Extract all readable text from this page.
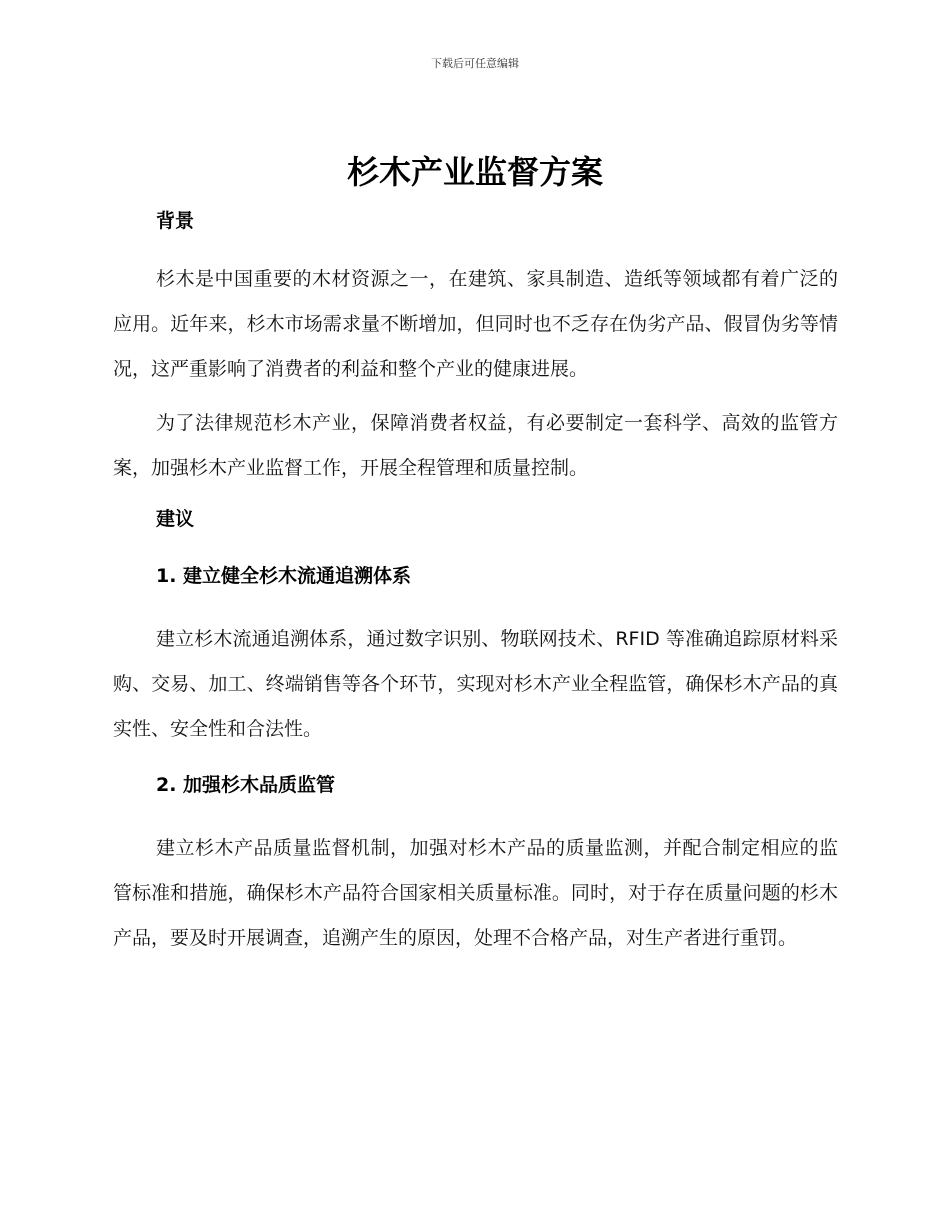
下载后可任意编辑
杉木产业监督方案
背景
杉木是中国重要的木材资源之一，在建筑、家具制造、造纸等领域都有着广泛的应用。近年来，杉木市场需求量不断增加，但同时也不乏存在伪劣产品、假冒伪劣等情况，这严重影响了消费者的利益和整个产业的健康进展。
为了法律规范杉木产业，保障消费者权益，有必要制定一套科学、高效的监管方案，加强杉木产业监督工作，开展全程管理和质量控制。
建议
1. 建立健全杉木流通追溯体系
建立杉木流通追溯体系，通过数字识别、物联网技术、RFID 等准确追踪原材料采购、交易、加工、终端销售等各个环节，实现对杉木产业全程监管，确保杉木产品的真实性、安全性和合法性。
2. 加强杉木品质监管
建立杉木产品质量监督机制，加强对杉木产品的质量监测，并配合制定相应的监管标准和措施，确保杉木产品符合国家相关质量标准。同时，对于存在质量问题的杉木产品，要及时开展调查，追溯产生的原因，处理不合格产品，对生产者进行重罚。
